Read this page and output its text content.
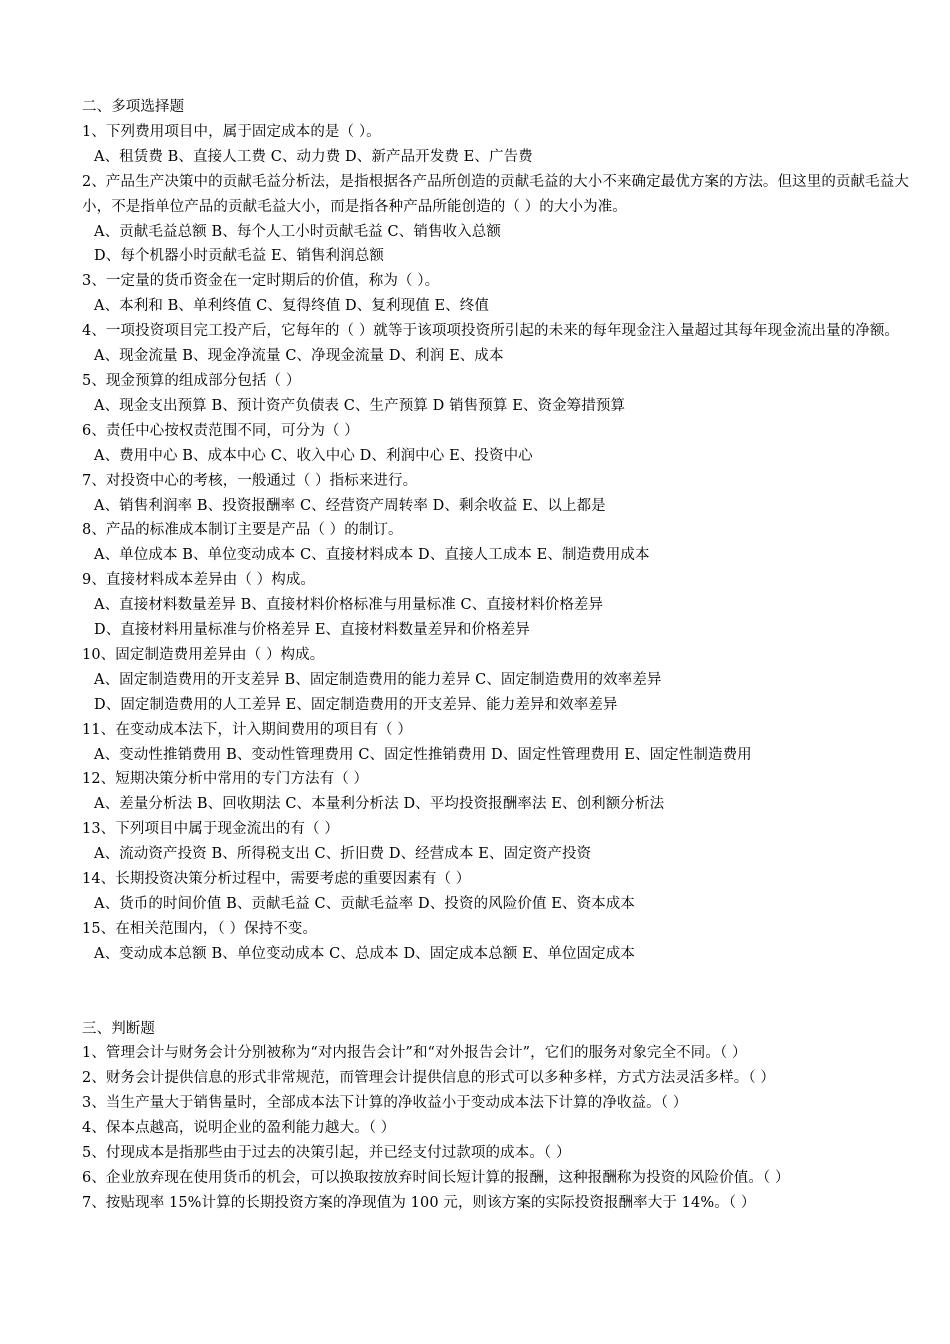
二、多项选择题
1、下列费用项目中，属于固定成本的是（ ）。
A、租赁费 B、直接人工费 C、动力费 D、新产品开发费 E、广告费
2、产品生产决策中的贡献毛益分析法，是指根据各产品所创造的贡献毛益的大小不来确定最优方案的方法。但这里的贡献毛益大小，不是指单位产品的贡献毛益大小，而是指各种产品所能创造的（ ）的大小为准。
A、贡献毛益总额 B、每个人工小时贡献毛益 C、销售收入总额
D、每个机器小时贡献毛益 E、销售利润总额
3、一定量的货币资金在一定时期后的价值，称为（ ）。
A、本利和 B、单利终值 C、复得终值 D、复利现值 E、终值
4、一项投资项目完工投产后，它每年的（ ）就等于该项项投资所引起的未来的每年现金注入量超过其每年现金流出量的净额。
A、现金流量 B、现金净流量 C、净现金流量 D、利润 E、成本
5、现金预算的组成部分包括（ ）
A、现金支出预算 B、预计资产负债表 C、生产预算 D 销售预算 E、资金筹措预算
6、责任中心按权责范围不同，可分为（ ）
A、费用中心 B、成本中心 C、收入中心 D、利润中心 E、投资中心
7、对投资中心的考核，一般通过（ ）指标来进行。
A、销售利润率 B、投资报酬率 C、经营资产周转率 D、剩余收益 E、以上都是
8、产品的标准成本制订主要是产品（ ）的制订。
A、单位成本 B、单位变动成本 C、直接材料成本 D、直接人工成本 E、制造费用成本
9、直接材料成本差异由（ ）构成。
A、直接材料数量差异 B、直接材料价格标准与用量标准 C、直接材料价格差异
D、直接材料用量标准与价格差异 E、直接材料数量差异和价格差异
10、固定制造费用差异由（ ）构成。
A、固定制造费用的开支差异 B、固定制造费用的能力差异 C、固定制造费用的效率差异
D、固定制造费用的人工差异 E、固定制造费用的开支差异、能力差异和效率差异
11、在变动成本法下，计入期间费用的项目有（ ）
A、变动性推销费用 B、变动性管理费用 C、固定性推销费用 D、固定性管理费用 E、固定性制造费用
12、短期决策分析中常用的专门方法有（ ）
A、差量分析法 B、回收期法 C、本量利分析法 D、平均投资报酬率法 E、创利额分析法
13、下列项目中属于现金流出的有（ ）
A、流动资产投资 B、所得税支出 C、折旧费 D、经营成本 E、固定资产投资
14、长期投资决策分析过程中，需要考虑的重要因素有（ ）
A、货币的时间价值 B、贡献毛益 C、贡献毛益率 D、投资的风险价值 E、资本成本
15、在相关范围内，（ ）保持不变。
A、变动成本总额 B、单位变动成本 C、总成本 D、固定成本总额 E、单位固定成本
三、判断题
1、管理会计与财务会计分别被称为“对内报告会计”和“对外报告会计”，它们的服务对象完全不同。（ ）
2、财务会计提供信息的形式非常规范，而管理会计提供信息的形式可以多种多样，方式方法灵活多样。（ ）
3、当生产量大于销售量时，全部成本法下计算的净收益小于变动成本法下计算的净收益。（ ）
4、保本点越高，说明企业的盈利能力越大。（ ）
5、付现成本是指那些由于过去的决策引起，并已经支付过款项的成本。（ ）
6、企业放弃现在使用货币的机会，可以换取按放弃时间长短计算的报酬，这种报酬称为投资的风险价值。（ ）
7、按贴现率 15%计算的长期投资方案的净现值为 100 元，则该方案的实际投资报酬率大于 14%。（ ）
